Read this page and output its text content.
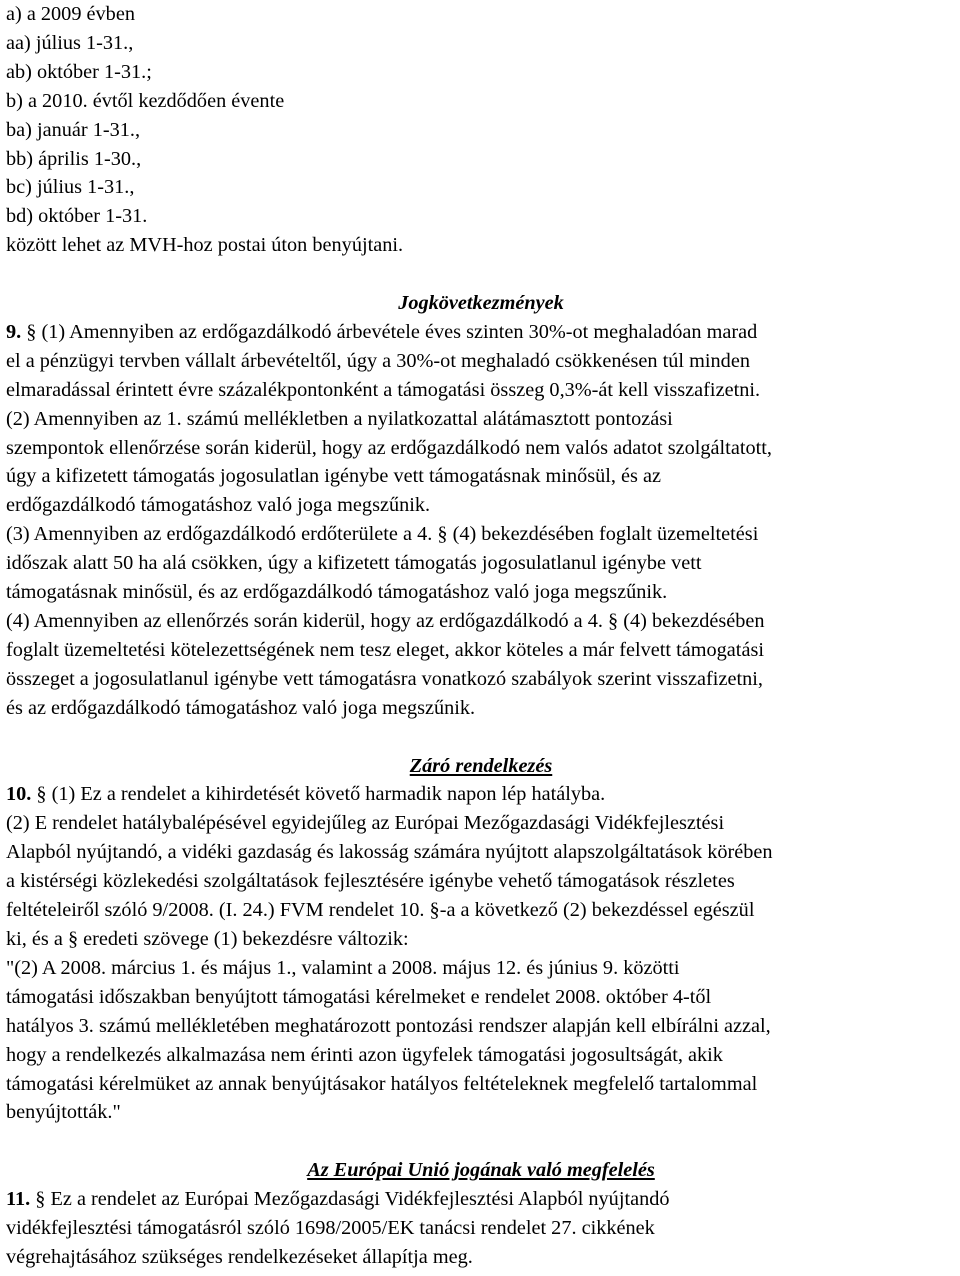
a) a 2009 évben
aa) július 1-31.,
ab) október 1-31.;
b) a 2010. évtől kezdődően évente
ba) január 1-31.,
bb) április 1-30.,
bc) július 1-31.,
bd) október 1-31.
között lehet az MVH-hoz postai úton benyújtani.
Jogkövetkezmények
9. § (1) Amennyiben az erdőgazdálkodó árbevétele éves szinten 30%-ot meghaladóan marad
el a pénzügyi tervben vállalt árbevételtől, úgy a 30%-ot meghaladó csökkenésen túl minden
elmaradással érintett évre százalékpontonként a támogatási összeg 0,3%-át kell visszafizetni.
(2) Amennyiben az 1. számú mellékletben a nyilatkozattal alátámasztott pontozási
szempontok ellenőrzése során kiderül, hogy az erdőgazdálkodó nem valós adatot szolgáltatott,
úgy a kifizetett támogatás jogosulatlan igénybe vett támogatásnak minősül, és az
erdőgazdálkodó támogatáshoz való joga megszűnik.
(3) Amennyiben az erdőgazdálkodó erdőterülete a 4. § (4) bekezdésében foglalt üzemeltetési
időszak alatt 50 ha alá csökken, úgy a kifizetett támogatás jogosulatlanul igénybe vett
támogatásnak minősül, és az erdőgazdálkodó támogatáshoz való joga megszűnik.
(4) Amennyiben az ellenőrzés során kiderül, hogy az erdőgazdálkodó a 4. § (4) bekezdésében
foglalt üzemeltetési kötelezettségének nem tesz eleget, akkor köteles a már felvett támogatási
összeget a jogosulatlanul igénybe vett támogatásra vonatkozó szabályok szerint visszafizetni,
és az erdőgazdálkodó támogatáshoz való joga megszűnik.
Záró rendelkezés
10. § (1) Ez a rendelet a kihirdetését követő harmadik napon lép hatályba.
(2) E rendelet hatálybalépésével egyidejűleg az Európai Mezőgazdasági Vidékfejlesztési
Alapból nyújtandó, a vidéki gazdaság és lakosság számára nyújtott alapszolgáltatások körében
a kistérségi közlekedési szolgáltatások fejlesztésére igénybe vehető támogatások részletes
feltételeiről szóló 9/2008. (I. 24.) FVM rendelet 10. §-a a következő (2) bekezdéssel egészül
ki, és a § eredeti szövege (1) bekezdésre változik:
"(2) A 2008. március 1. és május 1., valamint a 2008. május 12. és június 9. közötti
támogatási időszakban benyújtott támogatási kérelmeket e rendelet 2008. október 4-től
hatályos 3. számú mellékletében meghatározott pontozási rendszer alapján kell elbírálni azzal,
hogy a rendelkezés alkalmazása nem érinti azon ügyfelek támogatási jogosultságát, akik
támogatási kérelmüket az annak benyújtásakor hatályos feltételeknek megfelelő tartalommal
benyújtották."
Az Európai Unió jogának való megfelelés
11. § Ez a rendelet az Európai Mezőgazdasági Vidékfejlesztési Alapból nyújtandó
vidékfejlesztési támogatásról szóló 1698/2005/EK tanácsi rendelet 27. cikkének
végrehajtásához szükséges rendelkezéseket állapítja meg.
